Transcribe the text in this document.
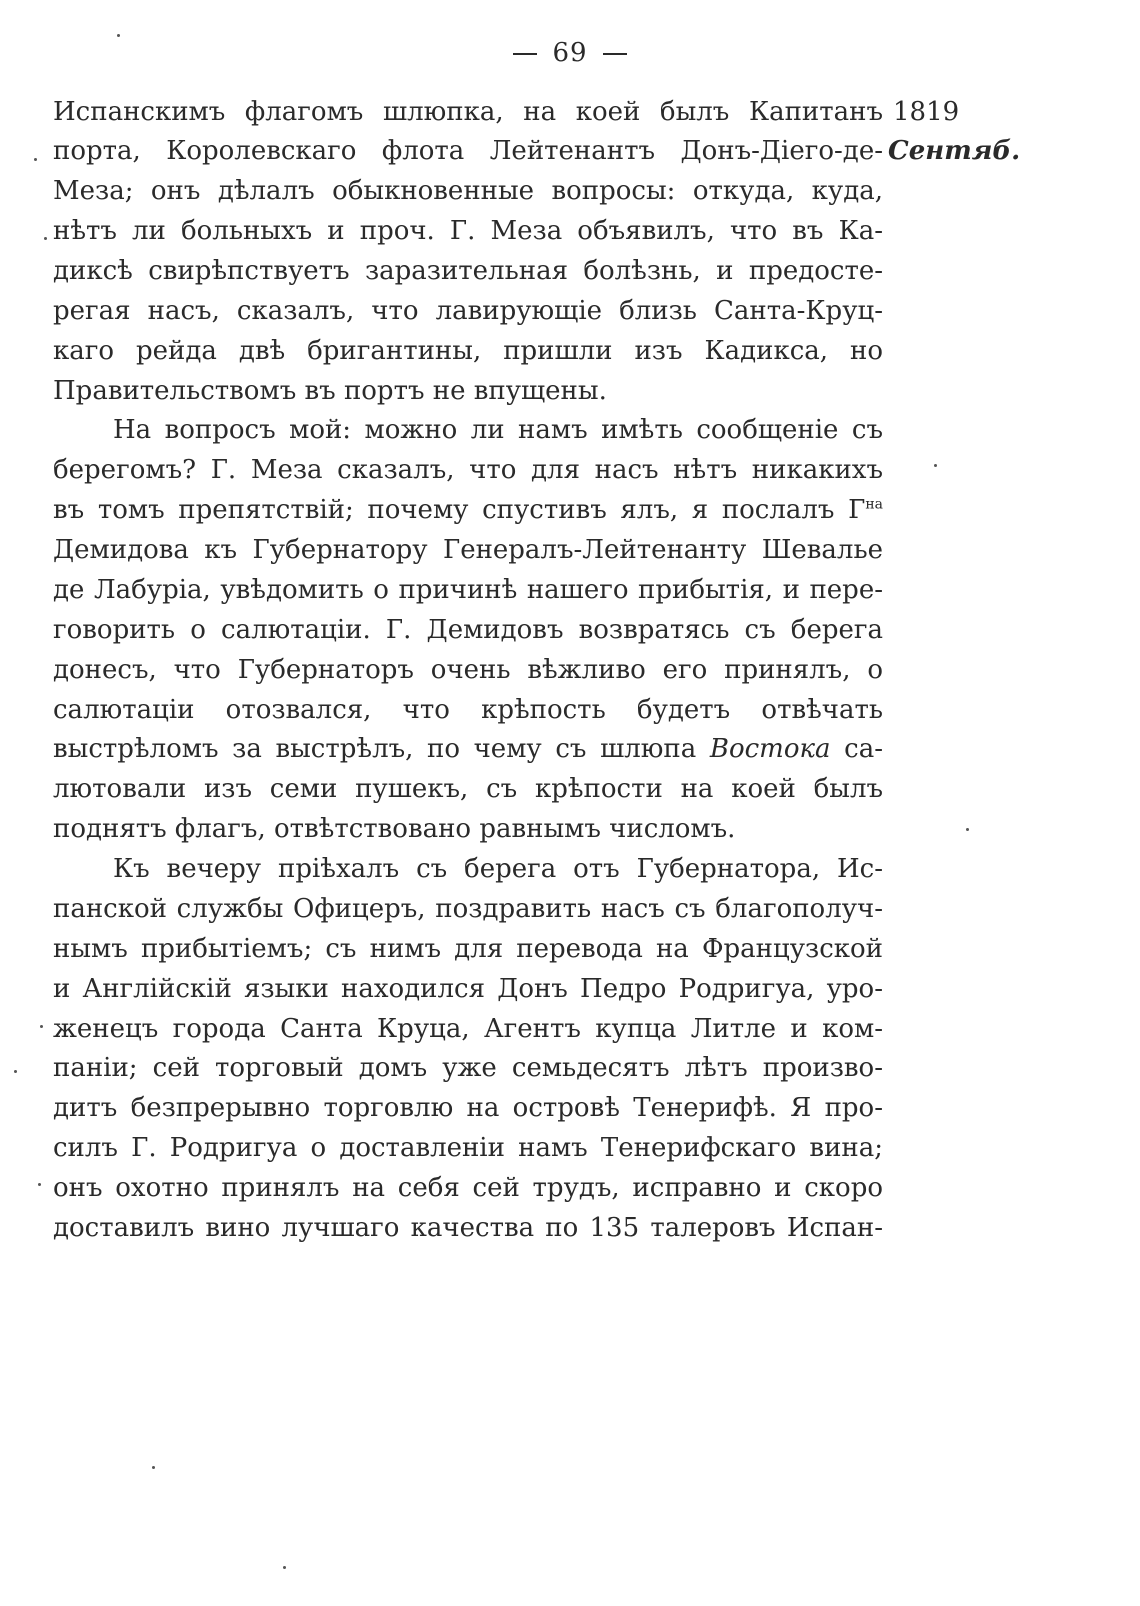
69
1819
Сентяб.
Испанскимъ флагомъ шлюпка, на коей былъ Капитанъ
порта, Королевскаго флота Лейтенантъ Донъ-Діего-де-
Меза; онъ дѣлалъ обыкновенные вопросы: откуда, куда,
нѣтъ ли больныхъ и проч. Г. Меза объявилъ, что въ Ка-
диксѣ свирѣпствуетъ заразительная болѣзнь, и предосте-
регая насъ, сказалъ, что лавирующіе близь Санта-Круц-
каго рейда двѣ бригантины, пришли изъ Кадикса, но
Правительствомъ въ портъ не впущены.
На вопросъ мой: можно ли намъ имѣть сообщеніе съ
берегомъ? Г. Меза сказалъ, что для насъ нѣтъ никакихъ
въ томъ препятствій; почему спустивъ ялъ, я послалъ $Г^{на}$
Демидова къ Губернатору Генералъ-Лейтенанту Шевалье
де Лабуріа, увѣдомить о причинѣ нашего прибытія, и пере-
говорить о салютаціи. Г. Демидовъ возвратясь съ берега
донесъ, что Губернаторъ очень вѣжливо его принялъ, о
салютаціи отозвался, что крѣпость будетъ отвѣчать
выстрѣломъ за выстрѣлъ, по чему съ шлюпа Востока са-
лютовали изъ семи пушекъ, съ крѣпости на коей былъ
поднятъ флагъ, отвѣтствовано равнымъ числомъ.
Къ вечеру пріѣхалъ съ берега отъ Губернатора, Ис-
панской службы Офицеръ, поздравить насъ съ благополуч-
нымъ прибытіемъ; съ нимъ для перевода на Французской
и Англійскій языки находился Донъ Педро Родригуа, уро-
женецъ города Санта Круца, Агентъ купца Литле и ком-
паніи; сей торговый домъ уже семьдесятъ лѣтъ произво-
дитъ безпрерывно торговлю на островѣ Тенерифѣ. Я про-
силъ Г. Родригуа о доставленіи намъ Тенерифскаго вина;
онъ охотно принялъ на себя сей трудъ, исправно и скоро
доставилъ вино лучшаго качества по 135 талеровъ Испан-
